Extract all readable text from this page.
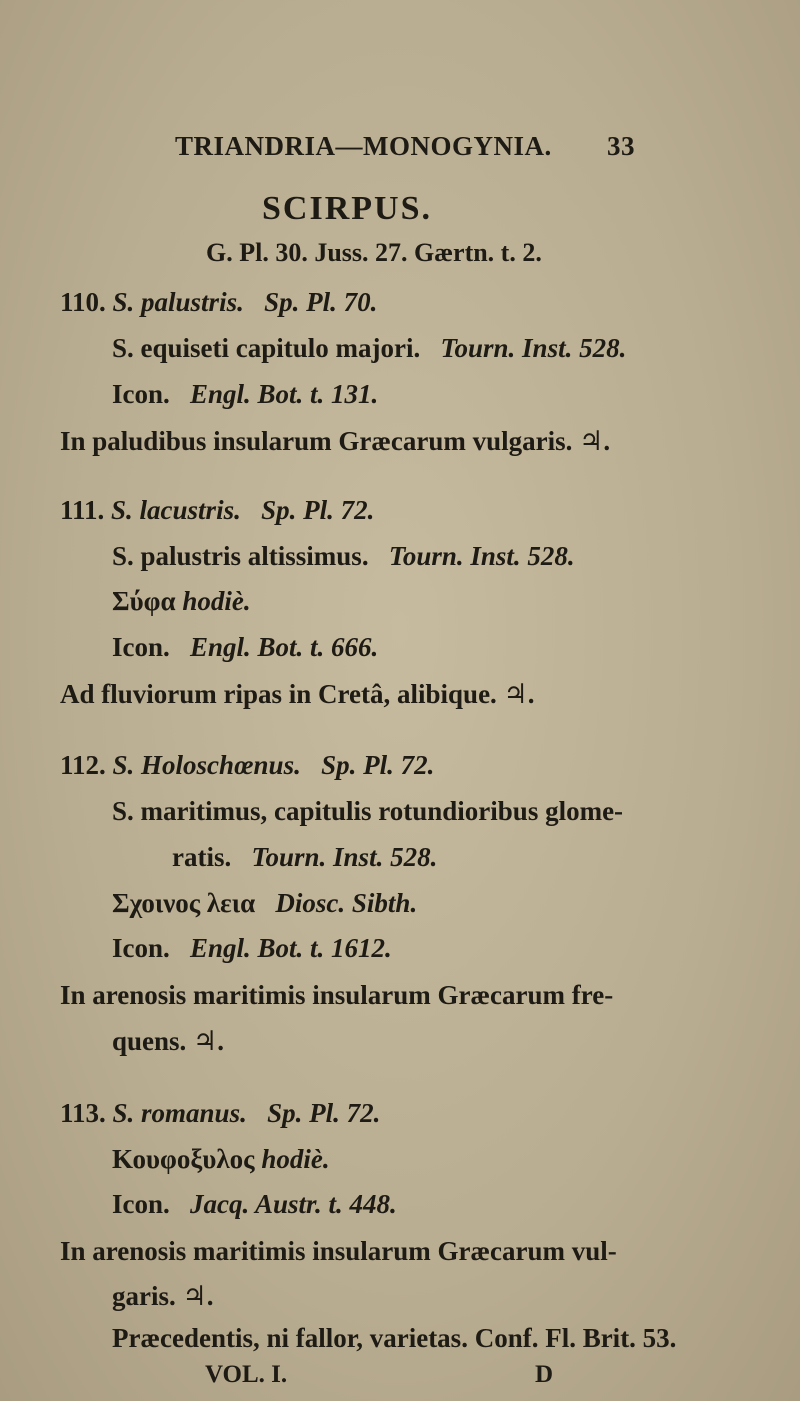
TRIANDRIA—MONOGYNIA. 33
SCIRPUS.
G. Pl. 30. Juss. 27. Gærtn. t. 2.
110. S. palustris. Sp. Pl. 70.
S. equiseti capitulo majori. Tourn. Inst. 528.
Icon. Engl. Bot. t. 131.
In paludibus insularum Græcarum vulgaris. ♃.
111. S. lacustris. Sp. Pl. 72.
S. palustris altissimus. Tourn. Inst. 528.
Σύφα hodiè.
Icon. Engl. Bot. t. 666.
Ad fluviorum ripas in Cretâ, alibique. ♃.
112. S. Holoschœnus. Sp. Pl. 72.
S. maritimus, capitulis rotundioribus glome-
ratis. Tourn. Inst. 528.
Σχοινος λεια Diosc. Sibth.
Icon. Engl. Bot. t. 1612.
In arenosis maritimis insularum Græcarum fre-
quens. ♃.
113. S. romanus. Sp. Pl. 72.
Κουφοξυλος hodiè.
Icon. Jacq. Austr. t. 448.
In arenosis maritimis insularum Græcarum vul-
garis. ♃.
Præcedentis, ni fallor, varietas. Conf. Fl. Brit. 53.
VOL. I.	D
